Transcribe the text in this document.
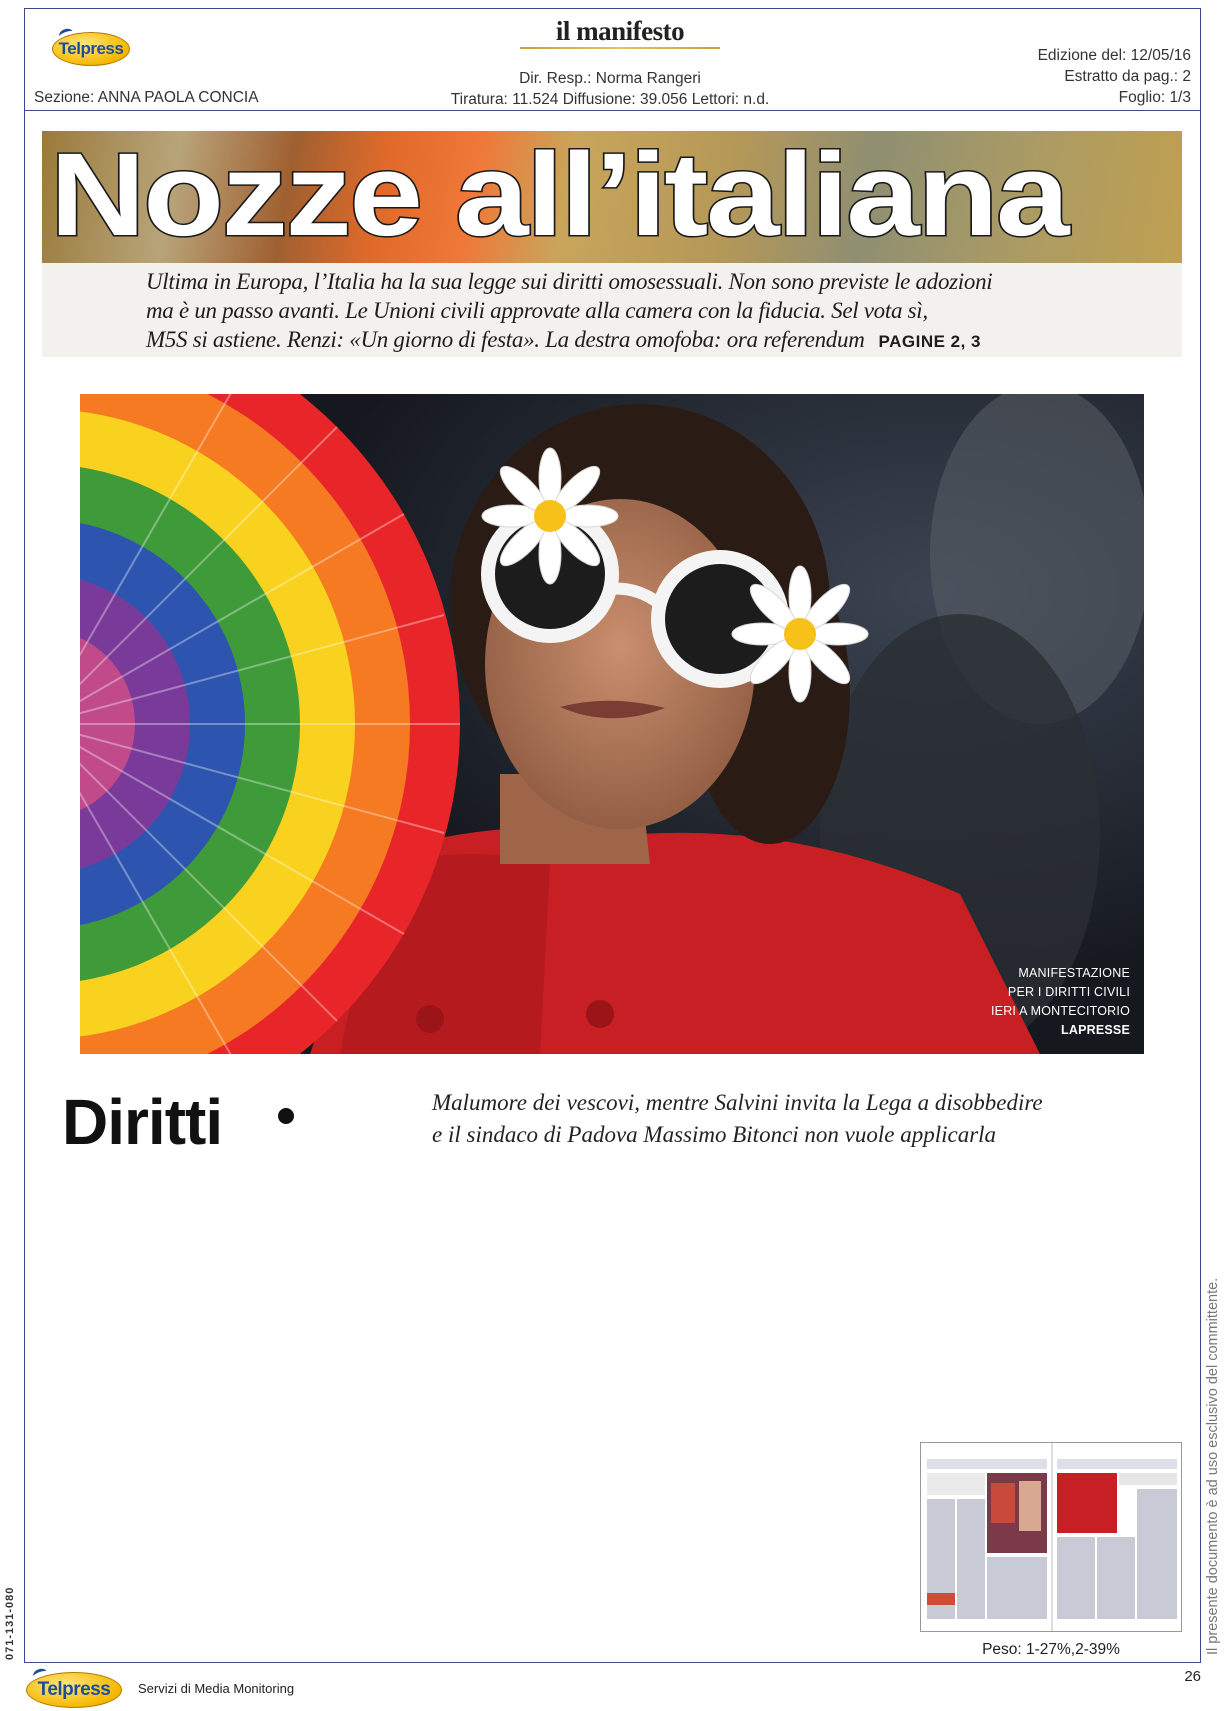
Telpress
il manifesto
Edizione del: 12/05/16
Estratto da pag.: 2
Foglio: 1/3
Dir. Resp.: Norma Rangeri
Tiratura: 11.524 Diffusione: 39.056 Lettori: n.d.
Sezione: ANNA PAOLA CONCIA
Nozze all’italiana
Ultima in Europa, l’Italia ha la sua legge sui diritti omosessuali. Non sono previste le adozioni
ma è un passo avanti. Le Unioni civili approvate alla camera con la fiducia. Sel vota sì,
M5S si astiene. Renzi: «Un giorno di festa». La destra omofoba: ora referendum PAGINE 2, 3
MANIFESTAZIONE
PER I DIRITTI CIVILI
IERI A MONTECITORIO
LAPRESSE
Diritti	Malumore dei vescovi, mentre Salvini invita la Lega a disobbedire
e il sindaco di Padova Massimo Bitonci non vuole applicarla
Peso: 1-27%,2-39%	Il presente documento è ad uso esclusivo del committente.
071-131-080
26
Telpress Servizi di Media Monitoring
